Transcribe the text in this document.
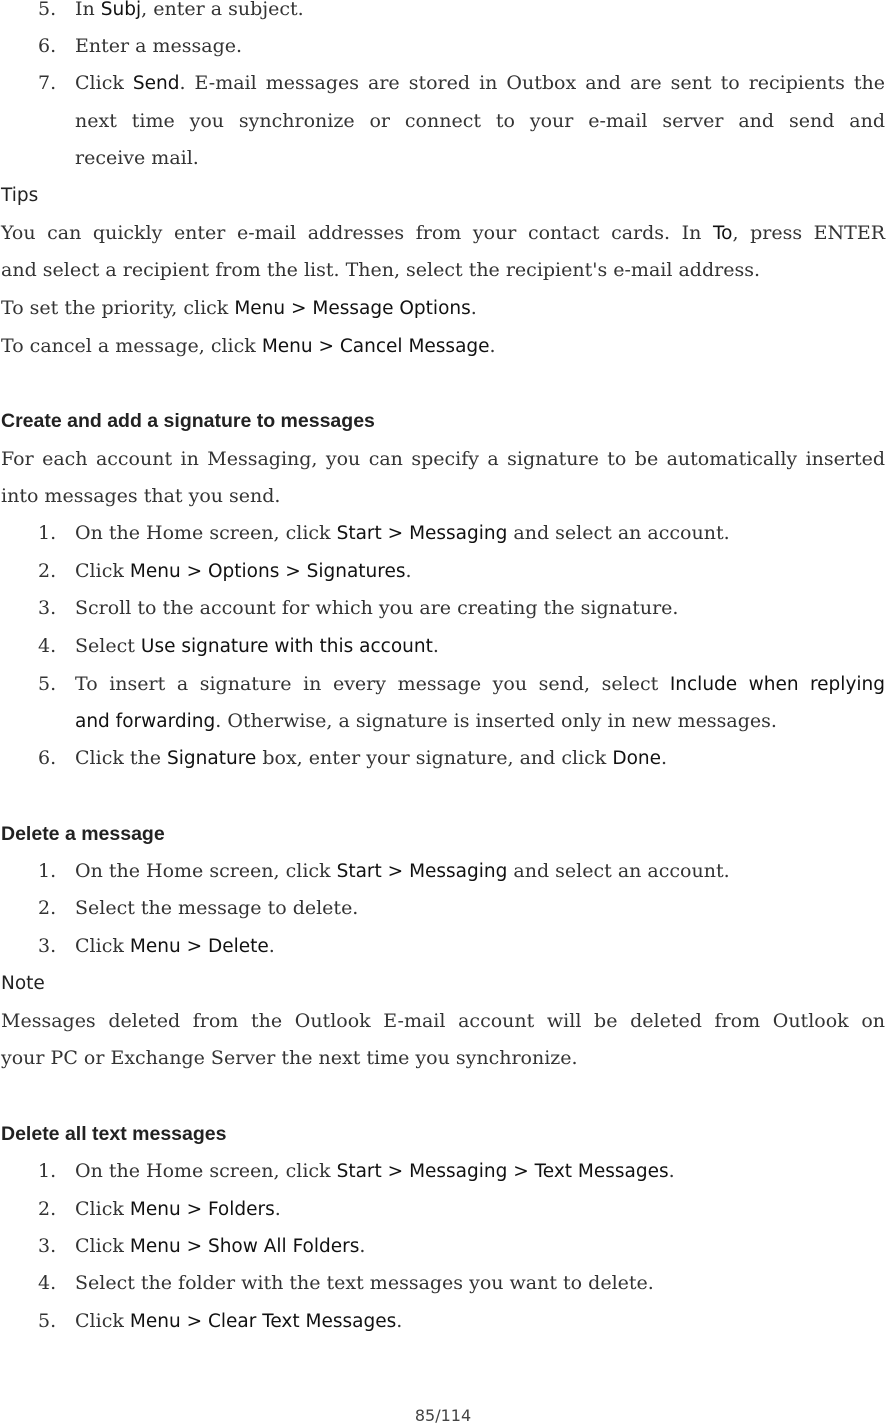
5. In Subj, enter a subject.
6. Enter a message.
7. Click Send. E-mail messages are stored in Outbox and are sent to recipients the
next time you synchronize or connect to your e-mail server and send and
receive mail.
Tips
You can quickly enter e-mail addresses from your contact cards. In To, press ENTER
and select a recipient from the list. Then, select the recipient's e-mail address.
To set the priority, click Menu > Message Options.
To cancel a message, click Menu > Cancel Message.
Create and add a signature to messages
For each account in Messaging, you can specify a signature to be automatically inserted
into messages that you send.
1. On the Home screen, click Start > Messaging and select an account.
2. Click Menu > Options > Signatures.
3. Scroll to the account for which you are creating the signature.
4. Select Use signature with this account.
5. To insert a signature in every message you send, select Include when replying
and forwarding. Otherwise, a signature is inserted only in new messages.
6. Click the Signature box, enter your signature, and click Done.
Delete a message
1. On the Home screen, click Start > Messaging and select an account.
2. Select the message to delete.
3. Click Menu > Delete.
Note
Messages deleted from the Outlook E-mail account will be deleted from Outlook on
your PC or Exchange Server the next time you synchronize.
Delete all text messages
1. On the Home screen, click Start > Messaging > Text Messages.
2. Click Menu > Folders.
3. Click Menu > Show All Folders.
4. Select the folder with the text messages you want to delete.
5. Click Menu > Clear Text Messages.
85/114
